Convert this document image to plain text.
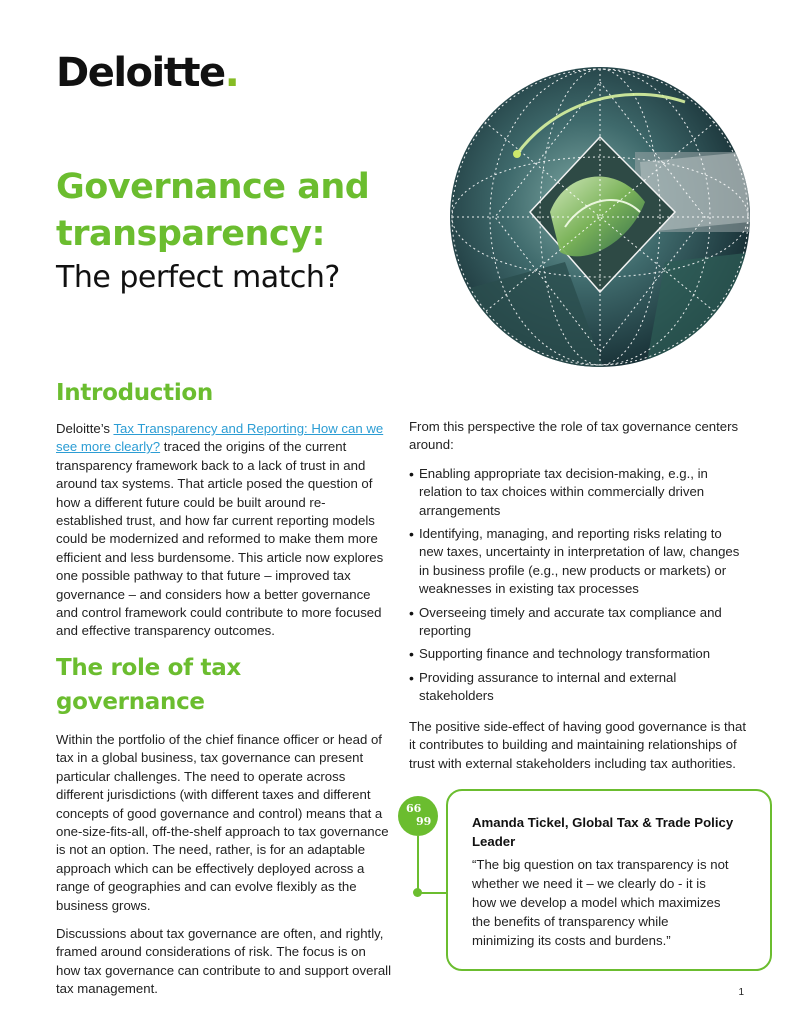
Deloitte.
Governance and
transparency:
The perfect match?
Introduction

Deloitte’s Tax Transparency and Reporting: How can we see more clearly? traced the origins of the current transparency framework back to a lack of trust in and around tax systems. That article posed the question of how a different future could be built around re-established trust, and how far current reporting models could be modernized and reformed to make them more efficient and less burdensome. This article now explores one possible pathway to that future – improved tax governance – and considers how a better governance and control framework could contribute to more focused and effective transparency outcomes.

The role of tax governance

Within the portfolio of the chief finance officer or head of tax in a global business, tax governance can present particular challenges. The need to operate across different jurisdictions (with different taxes and different concepts of good governance and control) means that a one-size-fits-all, off-the-shelf approach to tax governance is not an option. The need, rather, is for an adaptable approach which can be effectively deployed across a range of geographies and can evolve flexibly as the business grows.

Discussions about tax governance are often, and rightly, framed around considerations of risk. The focus is on how tax governance can contribute to and support overall tax management.

From this perspective the role of tax governance centers around:

• Enabling appropriate tax decision-making, e.g., in relation to tax choices within commercially driven arrangements
• Identifying, managing, and reporting risks relating to new taxes, uncertainty in interpretation of law, changes in business profile (e.g., new products or markets) or weaknesses in existing tax processes
• Overseeing timely and accurate tax compliance and reporting
• Supporting finance and technology transformation
• Providing assurance to internal and external stakeholders

The positive side-effect of having good governance is that it contributes to building and maintaining relationships of trust with external stakeholders including tax authorities.

66
99	Amanda Tickel, Global Tax & Trade Policy Leader
“The big question on tax transparency is not whether we need it – we clearly do - it is how we develop a model which maximizes the benefits of transparency while minimizing its costs and burdens.”
1
